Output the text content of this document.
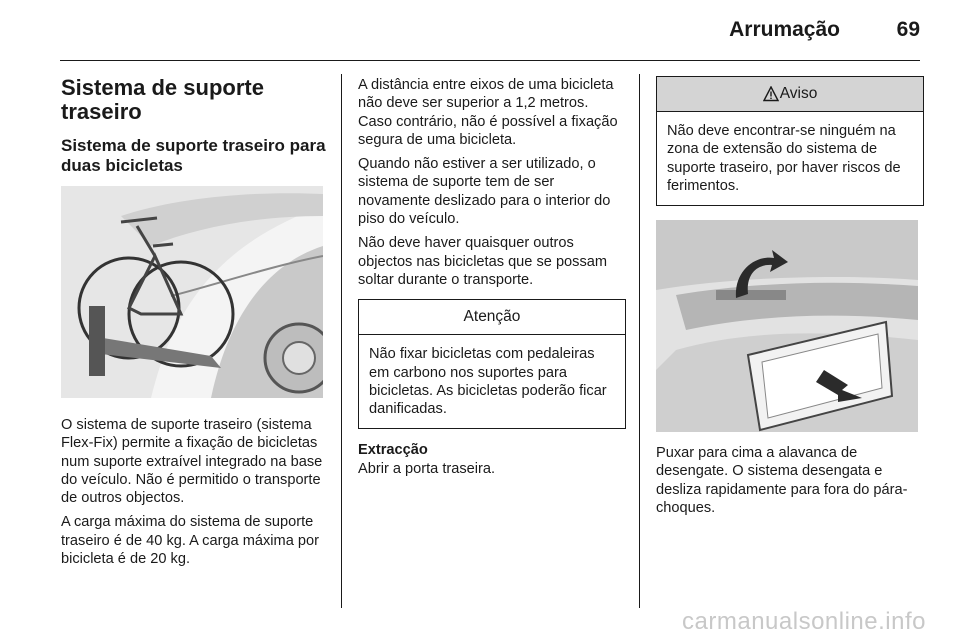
Arrumação	69
Sistema de suporte traseiro
Sistema de suporte traseiro para duas bicicletas

O sistema de suporte traseiro (sistema Flex-Fix) permite a fixação de bicicletas num suporte extraível integrado na base do veículo. Não é permitido o transporte de outros objectos.

A carga máxima do sistema de suporte traseiro é de 40 kg. A carga máxima por bicicleta é de 20 kg.

A distância entre eixos de uma bicicleta não deve ser superior a 1,2 metros. Caso contrário, não é possível a fixação segura de uma bicicleta.

Quando não estiver a ser utilizado, o sistema de suporte tem de ser novamente deslizado para o interior do piso do veículo.

Não deve haver quaisquer outros objectos nas bicicletas que se possam soltar durante o transporte.

Atenção

Não fixar bicicletas com pedaleiras em carbono nos suportes para bicicletas. As bicicletas poderão ficar danificadas.

Extracção

Abrir a porta traseira.

Aviso

Não deve encontrar-se ninguém na zona de extensão do sistema de suporte traseiro, por haver riscos de ferimentos.

Puxar para cima a alavanca de desengate. O sistema desengata e desliza rapidamente para fora do pára-choques.

carmanualsonline.info
